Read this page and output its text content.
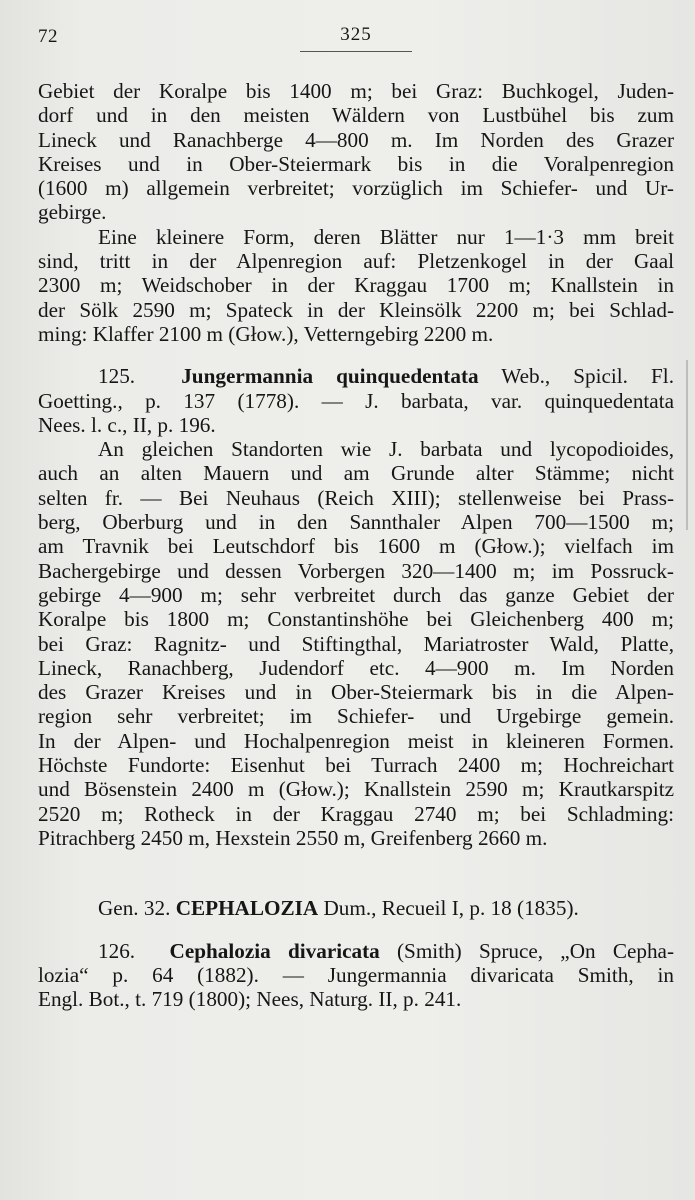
72	325
Gebiet der Koralpe bis 1400 m; bei Graz: Buchkogel, Juden-
dorf und in den meisten Wäldern von Lustbühel bis zum
Lineck und Ranachberge 4—800 m. Im Norden des Grazer
Kreises und in Ober-Steiermark bis in die Voralpenregion
(1600 m) allgemein verbreitet; vorzüglich im Schiefer- und Ur-
gebirge.
Eine kleinere Form, deren Blätter nur 1—1·3 mm breit
sind, tritt in der Alpenregion auf: Pletzenkogel in der Gaal
2300 m; Weidschober in der Kraggau 1700 m; Knallstein in
der Sölk 2590 m; Spateck in der Kleinsölk 2200 m; bei Schlad-
ming: Klaffer 2100 m (Głow.), Vetterngebirg 2200 m.
125. Jungermannia quinquedentata Web., Spicil. Fl.
Goetting., p. 137 (1778). — J. barbata, var. quinquedentata
Nees. l. c., II, p. 196.
An gleichen Standorten wie J. barbata und lycopodioides,
auch an alten Mauern und am Grunde alter Stämme; nicht
selten fr. — Bei Neuhaus (Reich XIII); stellenweise bei Prass-
berg, Oberburg und in den Sannthaler Alpen 700—1500 m;
am Travnik bei Leutschdorf bis 1600 m (Głow.); vielfach im
Bachergebirge und dessen Vorbergen 320—1400 m; im Possruck-
gebirge 4—900 m; sehr verbreitet durch das ganze Gebiet der
Koralpe bis 1800 m; Constantinshöhe bei Gleichenberg 400 m;
bei Graz: Ragnitz- und Stiftingthal, Mariatroster Wald, Platte,
Lineck, Ranachberg, Judendorf etc. 4—900 m. Im Norden
des Grazer Kreises und in Ober-Steiermark bis in die Alpen-
region sehr verbreitet; im Schiefer- und Urgebirge gemein.
In der Alpen- und Hochalpenregion meist in kleineren Formen.
Höchste Fundorte: Eisenhut bei Turrach 2400 m; Hochreichart
und Bösenstein 2400 m (Głow.); Knallstein 2590 m; Krautkarspitz
2520 m; Rotheck in der Kraggau 2740 m; bei Schladming:
Pitrachberg 2450 m, Hexstein 2550 m, Greifenberg 2660 m.
Gen. 32. CEPHALOZIA Dum., Recueil I, p. 18 (1835).
126. Cephalozia divaricata (Smith) Spruce, „On Cepha-
lozia“ p. 64 (1882). — Jungermannia divaricata Smith, in
Engl. Bot., t. 719 (1800); Nees, Naturg. II, p. 241.
